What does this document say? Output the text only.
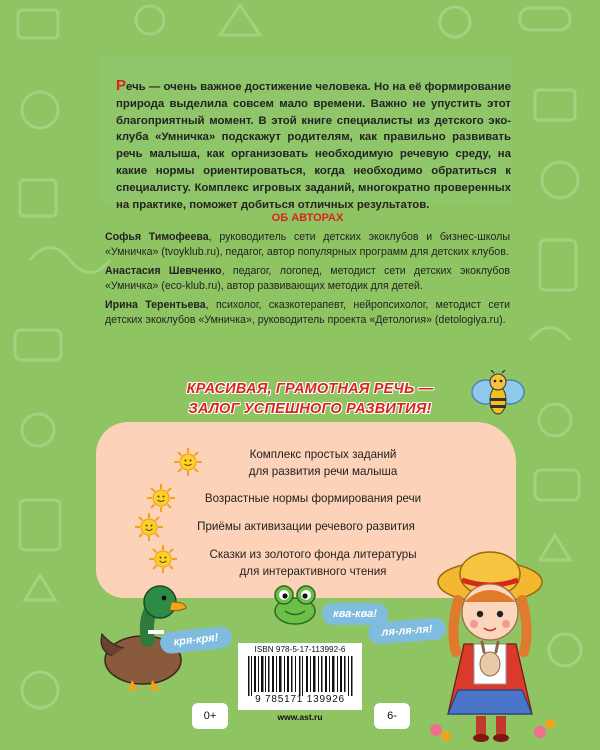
Речь — очень важное достижение человека. Но на её формирование природа выделила совсем мало времени. Важно не упустить этот благоприятный момент. В этой книге специалисты из детского эко-клуба «Умничка» подскажут родителям, как правильно развивать речь малыша, как организовать необходимую речевую среду, на какие нормы ориентироваться, когда необходимо обратиться к специалисту. Комплекс игровых заданий, многократно проверенных на практике, поможет добиться отличных результатов.

ОБ АВТОРАХ

Софья Тимофеева, руководитель сети детских экоклубов и бизнес-школы «Умничка» (tvoyklub.ru), педагог, автор популярных программ для детских клубов.

Анастасия Шевченко, педагог, логопед, методист сети детских экоклубов «Умничка» (eco-klub.ru), автор развивающих методик для детей.

Ирина Терентьева, психолог, сказкотерапевт, нейропсихолог, методист сети детских экоклубов «Умничка», руководитель проекта «Детология» (detologiya.ru).

КРАСИВАЯ, ГРАМОТНАЯ РЕЧЬ —
ЗАЛОГ УСПЕШНОГО РАЗВИТИЯ!
Комплекс простых заданий
для развития речи малыша
Возрастные нормы формирования речи
Приёмы активизации речевого развития
Сказки из золотого фонда литературы
для интерактивного чтения
ква-ква!
кря-кря!
ля-ля-ля!
ISBN 978-5-17-113992-6
9 785171 139926
www.ast.ru
0+	6-
